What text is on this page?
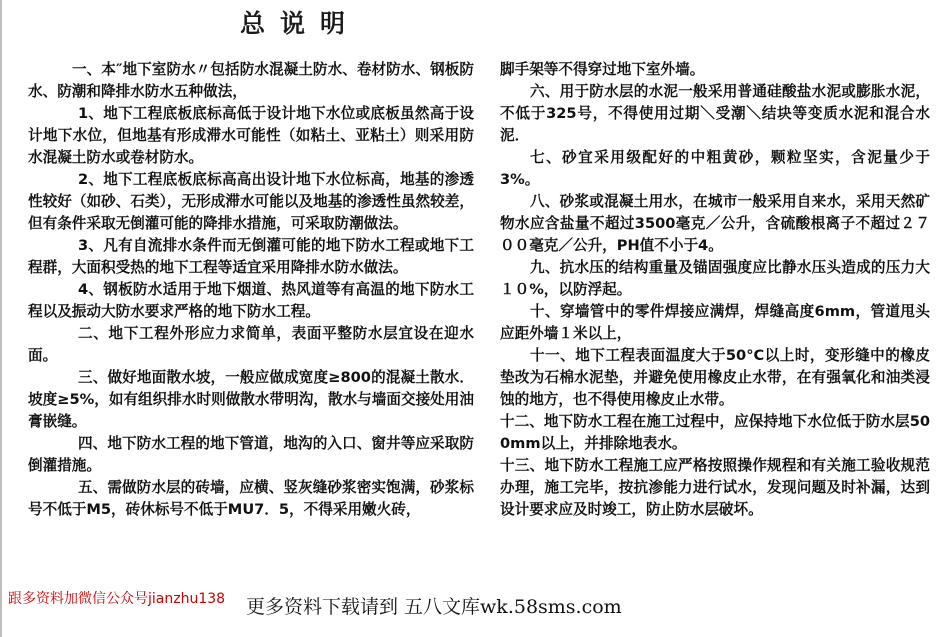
总说明

一、本″地下室防水〃包括防水混凝土防水、卷材防水、钢板防水、防潮和降排水防水五种做法，

1、地下工程底板底标高低于设计地下水位或底板虽然高于设计地下水位，但地基有形成滞水可能性（如粘土、亚粘土）则采用防水混凝土防水或卷材防水。

2、地下工程底板底标高高出设计地下水位标高，地基的渗透性较好（如砂、石类），无形成滞水可能以及地基的渗透性虽然较差，但有条件采取无倒灌可能的降排水措施，可采取防潮做法。

3、凡有自流排水条件而无倒灌可能的地下防水工程或地下工程群，大面积受热的地下工程等适宜采用降排水防水做法。

4、钢板防水适用于地下烟道、热风道等有高温的地下防水工程以及振动大防水要求严格的地下防水工程。

二、地下工程外形应力求简单，表面平整防水层宜设在迎水面。

三、做好地面散水坡，一般应做成宽度≥800的混凝土散水．坡度≥5%，如有组织排水时则做散水带明沟，散水与墙面交接处用油膏嵌缝。

四、地下防水工程的地下管道，地沟的入口、窗井等应采取防倒灌措施。

五、需做防水层的砖墙，应横、竖灰缝砂浆密实饱满，砂浆标号不低于M5，砖休标号不低于MU7．5，不得采用嫩火砖，

脚手架等不得穿过地下室外墙。

六、用于防水层的水泥一般采用普通硅酸盐水泥或膨胀水泥，不低于325号，不得使用过期＼受潮＼结块等变质水泥和混合水泥．

七、砂宜采用级配好的中粗黄砂，颗粒坚实，含泥量少于3%。

八、砂浆或混凝土用水，在城市一般采用自来水，采用天然矿物水应含盐量不超过3500毫克／公升，含硫酸根离子不超过２７００毫克／公升，PH值不小于4。

九、抗水压的结构重量及锚固强度应比静水压头造成的压力大１０%，以防浮起。

十、穿墙管中的零件焊接应满焊，焊缝高度6mm，管道甩头应距外墙１米以上，

十一、地下工程表面温度大于50°C以上时，变形缝中的橡皮垫改为石棉水泥垫，并避免使用橡皮止水带，在有强氧化和油类浸蚀的地方，也不得使用橡皮止水带。

十二、地下防水工程在施工过程中，应保持地下水位低于防水层500mm以上，并排除地表水。

十三、地下防水工程施工应严格按照操作规程和有关施工验收规范办理，施工完毕，按抗渗能力进行试水，发现问题及时补漏，达到设计要求应及时竣工，防止防水层破坏。

跟多资料加微信公众号jianzhu138 更多资料下载请到 五八文库wk.58sms.com
